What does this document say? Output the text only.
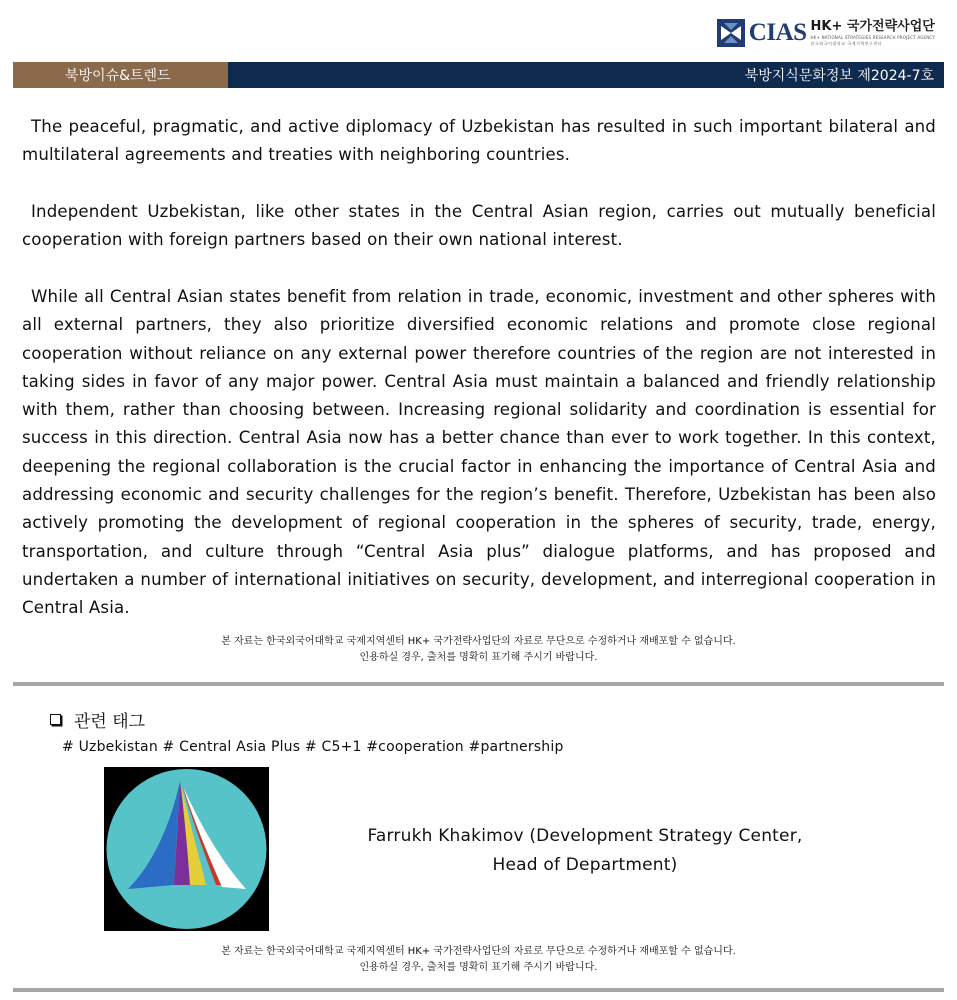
CIAS HK+ 국가전략사업단
HK+ NATIONAL STRATEGIES RESEARCH PROJECT AGENCY
한국외국어대학교 국제지역연구센터
북방이슈&트렌드	북방지식문화정보 제2024-7호
The peaceful, pragmatic, and active diplomacy of Uzbekistan has resulted in such important bilateral and multilateral agreements and treaties with neighboring countries.
Independent Uzbekistan, like other states in the Central Asian region, carries out mutually beneficial cooperation with foreign partners based on their own national interest.
While all Central Asian states benefit from relation in trade, economic, investment and other spheres with all external partners, they also prioritize diversified economic relations and promote close regional cooperation without reliance on any external power therefore countries of the region are not interested in taking sides in favor of any major power. Central Asia must maintain a balanced and friendly relationship with them, rather than choosing between. Increasing regional solidarity and coordination is essential for success in this direction. Central Asia now has a better chance than ever to work together. In this context, deepening the regional collaboration is the crucial factor in enhancing the importance of Central Asia and addressing economic and security challenges for the region’s benefit. Therefore, Uzbekistan has been also actively promoting the development of regional cooperation in the spheres of security, trade, energy, transportation, and culture through “Central Asia plus” dialogue platforms, and has proposed and undertaken a number of international initiatives on security, development, and interregional cooperation in Central Asia.
본 자료는 한국외국어대학교 국제지역센터 HK+ 국가전략사업단의 자료로 무단으로 수정하거나 재배포할 수 없습니다.
인용하실 경우, 출처를 명확히 표기해 주시기 바랍니다.
관련 태그
# Uzbekistan # Central Asia Plus # C5+1 #cooperation #partnership
Farrukh Khakimov (Development Strategy Center,
Head of Department)
본 자료는 한국외국어대학교 국제지역센터 HK+ 국가전략사업단의 자료로 무단으로 수정하거나 재배포할 수 없습니다.
인용하실 경우, 출처를 명확히 표기해 주시기 바랍니다.
